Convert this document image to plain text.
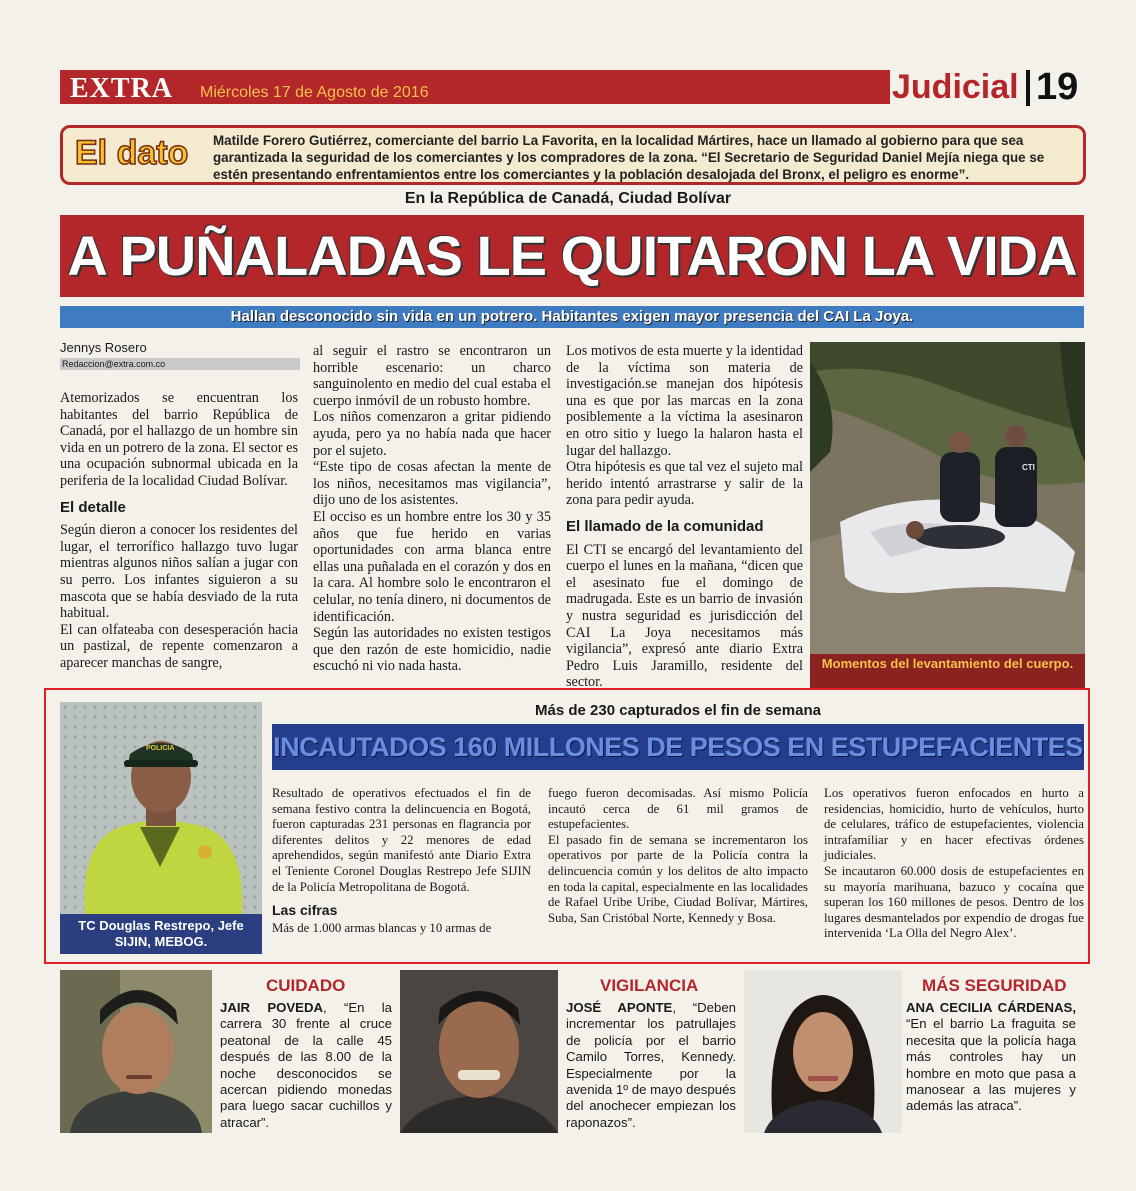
EXTRA Miércoles 17 de Agosto de 2016	Judicial 19
El dato Matilde Forero Gutiérrez, comerciante del barrio La Favorita, en la localidad Mártires, hace un llamado al gobierno para que sea garantizada la seguridad de los comerciantes y los compradores de la zona. “El Secretario de Seguridad Daniel Mejía niega que se estén presentando enfrentamientos entre los comerciantes y la población desalojada del Bronx, el peligro es enorme”.
En la República de Canadá, Ciudad Bolívar
A PUÑALADAS LE QUITARON LA VIDA
Hallan desconocido sin vida en un potrero. Habitantes exigen mayor presencia del CAI La Joya.
Jennys Rosero
Redaccion@extra.com.co
Atemorizados se encuentran los habitantes del barrio República de Canadá, por el hallazgo de un hombre sin vida en un potrero de la zona. El sector es una ocupación subnormal ubicada en la periferia de la localidad Ciudad Bolívar.
El detalle
Según dieron a conocer los residentes del lugar, el terrorífico hallazgo tuvo lugar mientras algunos niños salían a jugar con su perro. Los infantes siguieron a su mascota que se había desviado de la ruta habitual.
El can olfateaba con desesperación hacia un pastizal, de repente comenzaron a aparecer manchas de sangre,
al seguir el rastro se encontraron un horrible escenario: un charco sanguinolento en medio del cual estaba el cuerpo inmóvil de un robusto hombre.
Los niños comenzaron a gritar pidiendo ayuda, pero ya no había nada que hacer por el sujeto.
“Este tipo de cosas afectan la mente de los niños, necesitamos mas vigilancia”, dijo uno de los asistentes.
El occiso es un hombre entre los 30 y 35 años que fue herido en varias oportunidades con arma blanca entre ellas una puñalada en el corazón y dos en la cara. Al hombre solo le encontraron el celular, no tenía dinero, ni documentos de identificación.
Según las autoridades no existen testigos que den razón de este homicidio, nadie escuchó ni vio nada hasta.
Los motivos de esta muerte y la identidad de la víctima son materia de investigación.se manejan dos hipótesis una es que por las marcas en la zona posiblemente a la víctima la asesinaron en otro sitio y luego la halaron hasta el lugar del hallazgo.
Otra hipótesis es que tal vez el sujeto mal herido intentó arrastrarse y salir de la zona para pedir ayuda.
El llamado de la comunidad
El CTI se encargó del levantamiento del cuerpo el lunes en la mañana, “dicen que el asesinato fue el domingo de madrugada. Este es un barrio de invasión y nustra seguridad es jurisdicción del CAI La Joya necesitamos más vigilancia”, expresó ante diario Extra Pedro Luis Jaramillo, residente del sector.
CTI
Momentos del levantamiento del cuerpo.
POLICIA
TC Douglas Restrepo, Jefe SIJIN, MEBOG.
Más de 230 capturados el fin de semana
INCAUTADOS 160 MILLONES DE PESOS EN ESTUPEFACIENTES
Resultado de operativos efectuados el fin de semana festivo contra la delincuencia en Bogotá, fueron capturadas 231 personas en flagrancia por diferentes delitos y 22 menores de edad aprehendidos, según manifestó ante Diario Extra el Teniente Coronel Douglas Restrepo Jefe SIJIN de la Policía Metropolitana de Bogotá.
Las cifras
Más de 1.000 armas blancas y 10 armas de
fuego fueron decomisadas. Así mismo Policía incautó cerca de 61 mil gramos de estupefacientes.
El pasado fin de semana se incrementaron los operativos por parte de la Policía contra la delincuencia común y los delitos de alto impacto en toda la capital, especialmente en las localidades de Rafael Uribe Uribe, Ciudad Bolívar, Mártires, Suba, San Cristóbal Norte, Kennedy y Bosa.
Los operativos fueron enfocados en hurto a residencias, homicidio, hurto de vehículos, hurto de celulares, tráfico de estupefacientes, violencia intrafamiliar y en hacer efectivas órdenes judiciales.
Se incautaron 60.000 dosis de estupefacientes en su mayoría marihuana, bazuco y cocaína que superan los 160 millones de pesos. Dentro de los lugares desmantelados por expendio de drogas fue intervenida ‘La Olla del Negro Alex’.
CUIDADO
JAIR POVEDA, “En la carrera 30 frente al cruce peatonal de la calle 45 después de las 8.00 de la noche desconocidos se acercan pidiendo monedas para luego sacar cuchillos y atracar”.
VIGILANCIA
JOSÉ APONTE, “Deben incrementar los patrullajes de policía por el barrio Camilo Torres, Kennedy. Especialmente por la avenida 1º de mayo después del anochecer empiezan los raponazos”.
MÁS SEGURIDAD
ANA CECILIA CÁRDENAS, “En el barrio La fraguita se necesita que la policía haga más controles hay un hombre en moto que pasa a manosear a las mujeres y además las atraca”.
